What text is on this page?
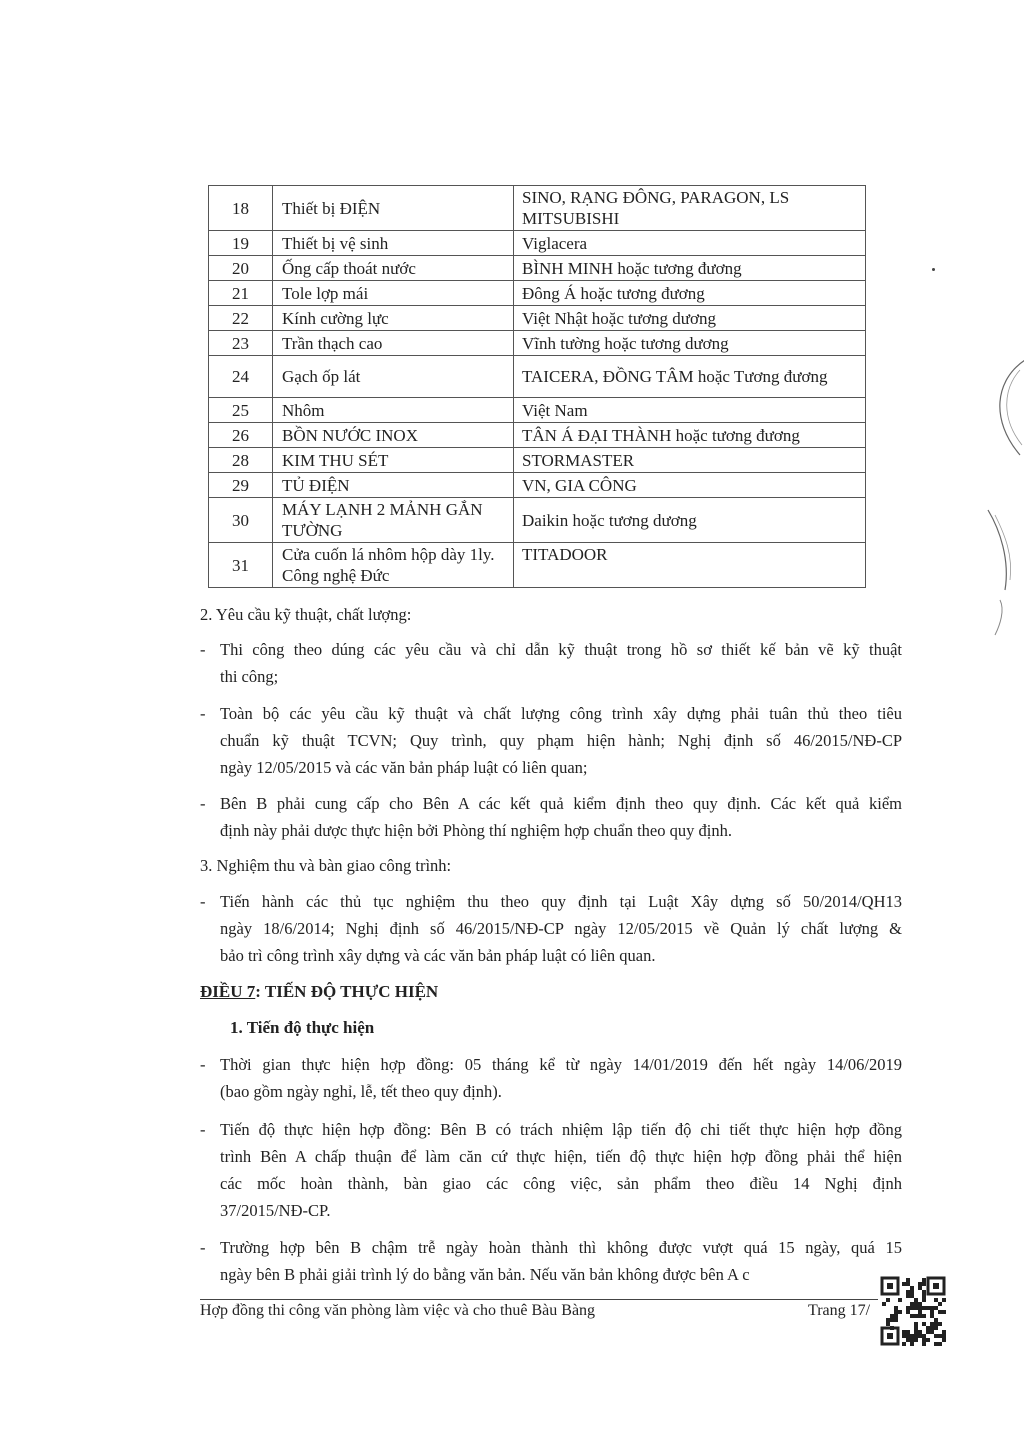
18	Thiết bị ĐIỆN	SINO, RẠNG ĐÔNG, PARAGON, LS MITSUBISHI
19	Thiết bị vệ sinh	Viglacera
20	Ống cấp thoát nước	BÌNH MINH hoặc tương đương
21	Tole lợp mái	Đông Á hoặc tương đương
22	Kính cường lực	Việt Nhật hoặc tương dương
23	Trần thạch cao	Vĩnh tường hoặc tương dương
24	Gạch ốp lát	TAICERA, ĐỒNG TÂM hoặc Tương đương
25	Nhôm	Việt Nam
26	BỒN NƯỚC INOX	TÂN Á ĐẠI THÀNH hoặc tương đương
28	KIM THU SÉT	STORMASTER
29	TỦ ĐIỆN	VN, GIA CÔNG
30	MÁY LẠNH 2 MẢNH GẮN TƯỜNG	Daikin hoặc tương dương
31	Cửa cuốn lá nhôm hộp dày 1ly. Công nghệ Đức	TITADOOR
2. Yêu cầu kỹ thuật, chất lượng:
- Thi công theo dúng các yêu cầu và chỉ dẫn kỹ thuật trong hồ sơ thiết kế bản vẽ kỹ thuật
thi công;
- Toàn bộ các yêu cầu kỹ thuật và chất lượng công trình xây dựng phải tuân thủ theo tiêu
chuẩn kỹ thuật TCVN; Quy trình, quy phạm hiện hành; Nghị định số 46/2015/NĐ-CP
ngày 12/05/2015 và các văn bản pháp luật có liên quan;
- Bên B phải cung cấp cho Bên A các kết quả kiểm định theo quy định. Các kết quả kiểm
định này phải dược thực hiện bởi Phòng thí nghiệm hợp chuẩn theo quy định.
3. Nghiệm thu và bàn giao công trình:
- Tiến hành các thủ tục nghiệm thu theo quy định tại Luật Xây dựng số 50/2014/QH13
ngày 18/6/2014; Nghị định số 46/2015/NĐ-CP ngày 12/05/2015 về Quản lý chất lượng &
bảo trì công trình xây dựng và các văn bản pháp luật có liên quan.
ĐIỀU 7: TIẾN ĐỘ THỰC HIỆN
1. Tiến độ thực hiện
- Thời gian thực hiện hợp đồng: 05 tháng kể từ ngày 14/01/2019 đến hết ngày 14/06/2019
(bao gồm ngày nghỉ, lễ, tết theo quy định).
- Tiến độ thực hiện hợp đồng: Bên B có trách nhiệm lập tiến độ chi tiết thực hiện hợp đồng
trình Bên A chấp thuận để làm căn cứ thực hiện, tiến độ thực hiện hợp đồng phải thể hiện
các mốc hoàn thành, bàn giao các công việc, sản phẩm theo điều 14 Nghị định
37/2015/NĐ-CP.
- Trường hợp bên B chậm trễ ngày hoàn thành thì không được vượt quá 15 ngày, quá 15
ngày bên B phải giải trình lý do bằng văn bản. Nếu văn bản không được bên A c
Hợp đồng thi công văn phòng làm việc và cho thuê Bàu Bàng	Trang 17/
